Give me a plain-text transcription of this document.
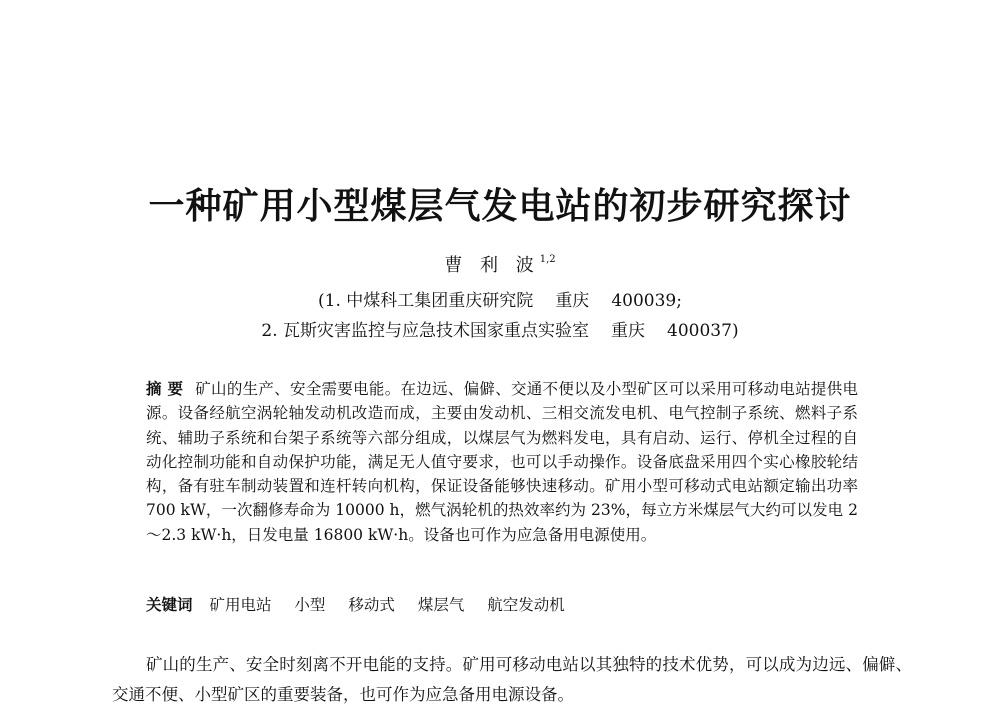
一种矿用小型煤层气发电站的初步研究探讨
曹 利 波$^{1,2}$
(1. 中煤科工集团重庆研究院 重庆 400039;
2. 瓦斯灾害监控与应急技术国家重点实验室 重庆 400037)
摘 要 矿山的生产、安全需要电能。在边远、偏僻、交通不便以及小型矿区可以采用可移动电站提供电源。设备经航空涡轮轴发动机改造而成，主要由发动机、三相交流发电机、电气控制子系统、燃料子系统、辅助子系统和台架子系统等六部分组成，以煤层气为燃料发电，具有启动、运行、停机全过程的自动化控制功能和自动保护功能，满足无人值守要求，也可以手动操作。设备底盘采用四个实心橡胶轮结构，备有驻车制动装置和连杆转向机构，保证设备能够快速移动。矿用小型可移动式电站额定输出功率 700 kW，一次翻修寿命为 10000 h，燃气涡轮机的热效率约为 23%，每立方米煤层气大约可以发电 2～2.3 kW·h，日发电量 16800 kW·h。设备也可作为应急备用电源使用。
关键词 矿用电站 小型 移动式 煤层气 航空发动机
矿山的生产、安全时刻离不开电能的支持。矿用可移动电站以其独特的技术优势，可以成为边远、偏僻、交通不便、小型矿区的重要装备，也可作为应急备用电源设备。
